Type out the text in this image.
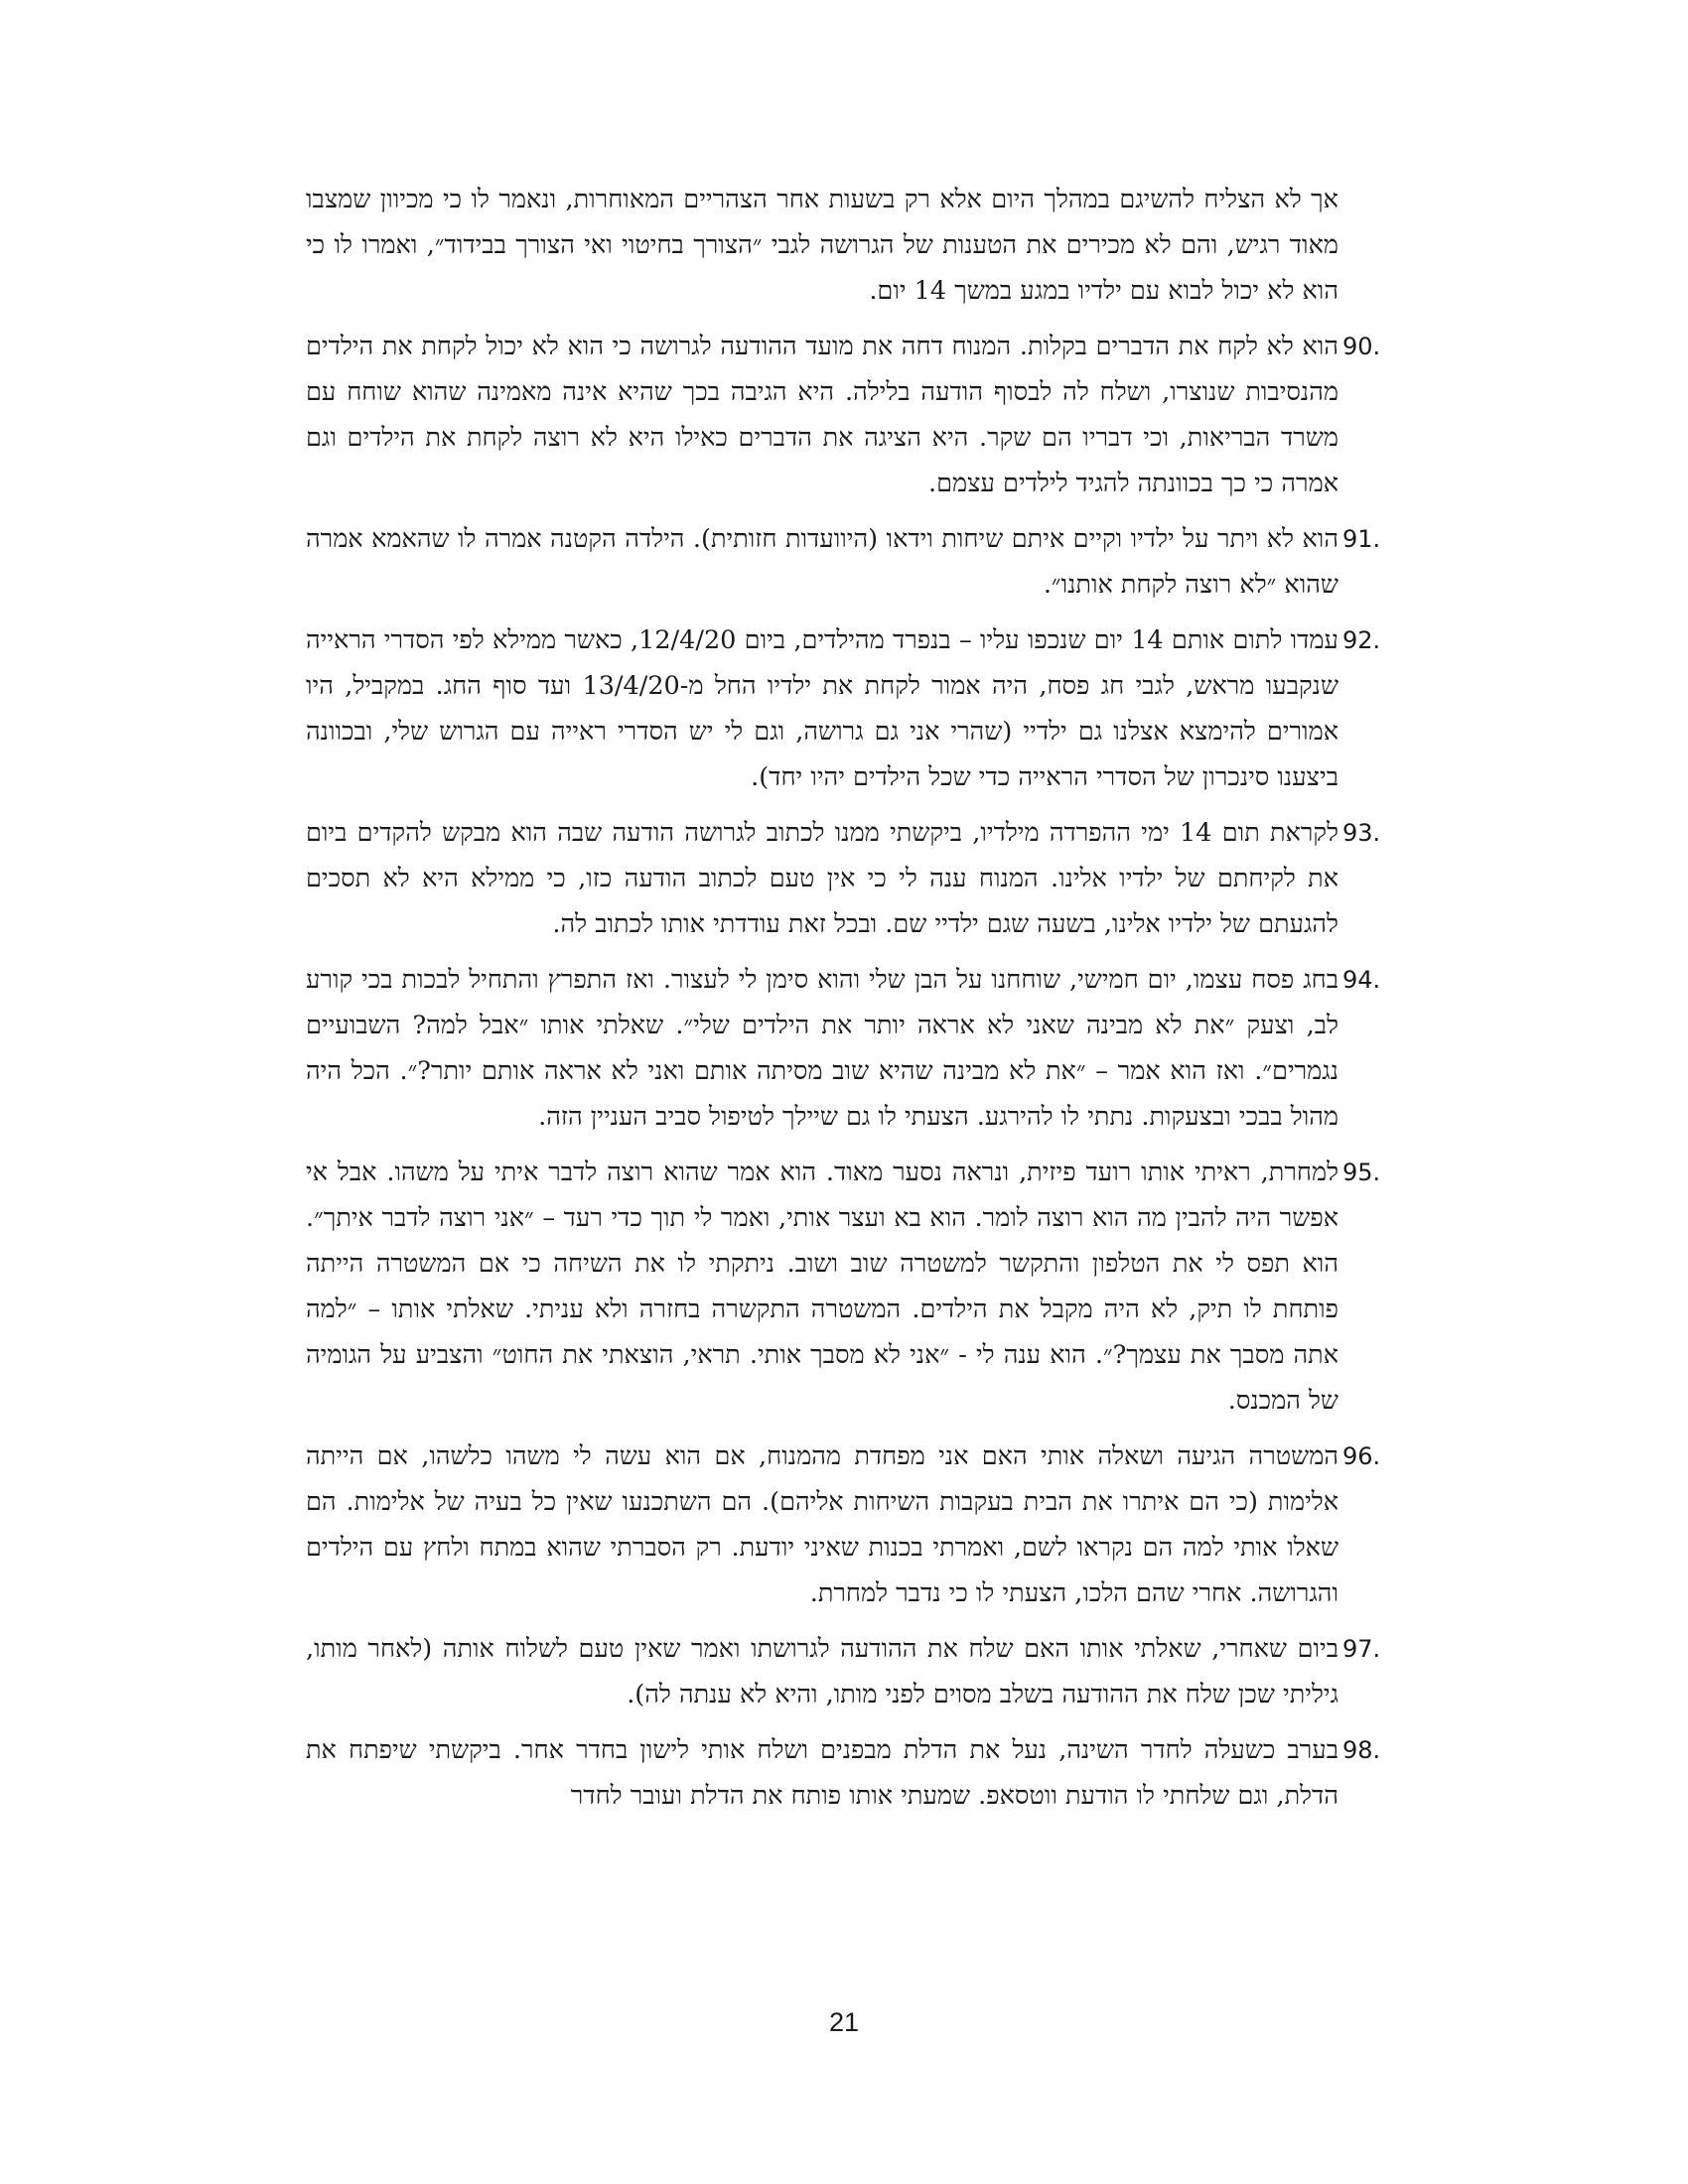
אך לא הצליח להשיגם במהלך היום אלא רק בשעות אחר הצהריים המאוחרות, ונאמר לו כי מכיוון שמצבו מאוד רגיש, והם לא מכירים את הטענות של הגרושה לגבי ״הצורך בחיטוי ואי הצורך בבידוד״, ואמרו לו כי הוא לא יכול לבוא עם ילדיו במגע במשך 14 יום.

90.
הוא לא לקח את הדברים בקלות. המנוח דחה את מועד ההודעה לגרושה כי הוא לא יכול לקחת את הילדים מהנסיבות שנוצרו, ושלח לה לבסוף הודעה בלילה. היא הגיבה בכך שהיא אינה מאמינה שהוא שוחח עם משרד הבריאות, וכי דבריו הם שקר. היא הציגה את הדברים כאילו היא לא רוצה לקחת את הילדים וגם אמרה כי כך בכוונתה להגיד לילדים עצמם.
91.
הוא לא ויתר על ילדיו וקיים איתם שיחות וידאו (היוועדות חזותית). הילדה הקטנה אמרה לו שהאמא אמרה שהוא ״לא רוצה לקחת אותנו״.
92.
עמדו לתום אותם 14 יום שנכפו עליו – בנפרד מהילדים, ביום 12/4/20, כאשר ממילא לפי הסדרי הראייה שנקבעו מראש, לגבי חג פסח, היה אמור לקחת את ילדיו החל מ-13/4/20 ועד סוף החג. במקביל, היו אמורים להימצא אצלנו גם ילדיי (שהרי אני גם גרושה, וגם לי יש הסדרי ראייה עם הגרוש שלי, ובכוונה ביצענו סינכרון של הסדרי הראייה כדי שכל הילדים יהיו יחד).
93.
לקראת תום 14 ימי ההפרדה מילדיו, ביקשתי ממנו לכתוב לגרושה הודעה שבה הוא מבקש להקדים ביום את לקיחתם של ילדיו אלינו. המנוח ענה לי כי אין טעם לכתוב הודעה כזו, כי ממילא היא לא תסכים להגעתם של ילדיו אלינו, בשעה שגם ילדיי שם. ובכל זאת עודדתי אותו לכתוב לה.
94.
בחג פסח עצמו, יום חמישי, שוחחנו על הבן שלי והוא סימן לי לעצור. ואז התפרץ והתחיל לבכות בכי קורע לב, וצעק ״את לא מבינה שאני לא אראה יותר את הילדים שלי״. שאלתי אותו ״אבל למה? השבועיים נגמרים״. ואז הוא אמר – ״את לא מבינה שהיא שוב מסיתה אותם ואני לא אראה אותם יותר?״. הכל היה מהול בבכי ובצעקות. נתתי לו להירגע. הצעתי לו גם שיילך לטיפול סביב העניין הזה.
95.
למחרת, ראיתי אותו רועד פיזית, ונראה נסער מאוד. הוא אמר שהוא רוצה לדבר איתי על משהו. אבל אי אפשר היה להבין מה הוא רוצה לומר. הוא בא ועצר אותי, ואמר לי תוך כדי רעד – ״אני רוצה לדבר איתך״. הוא תפס לי את הטלפון והתקשר למשטרה שוב ושוב. ניתקתי לו את השיחה כי אם המשטרה הייתה פותחת לו תיק, לא היה מקבל את הילדים. המשטרה התקשרה בחזרה ולא עניתי. שאלתי אותו – ״למה אתה מסבך את עצמך?״. הוא ענה לי - ״אני לא מסבך אותי. תראי, הוצאתי את החוט״ והצביע על הגומיה של המכנס.
96.
המשטרה הגיעה ושאלה אותי האם אני מפחדת מהמנוח, אם הוא עשה לי משהו כלשהו, אם הייתה אלימות (כי הם איתרו את הבית בעקבות השיחות אליהם). הם השתכנעו שאין כל בעיה של אלימות. הם שאלו אותי למה הם נקראו לשם, ואמרתי בכנות שאיני יודעת. רק הסברתי שהוא במתח ולחץ עם הילדים והגרושה. אחרי שהם הלכו, הצעתי לו כי נדבר למחרת.
97.
ביום שאחרי, שאלתי אותו האם שלח את ההודעה לגרושתו ואמר שאין טעם לשלוח אותה (לאחר מותו, גיליתי שכן שלח את ההודעה בשלב מסוים לפני מותו, והיא לא ענתה לה).
98.
בערב כשעלה לחדר השינה, נעל את הדלת מבפנים ושלח אותי לישון בחדר אחר. ביקשתי שיפתח את הדלת, וגם שלחתי לו הודעת ווטסאפ. שמעתי אותו פותח את הדלת ועובר לחדר
21
